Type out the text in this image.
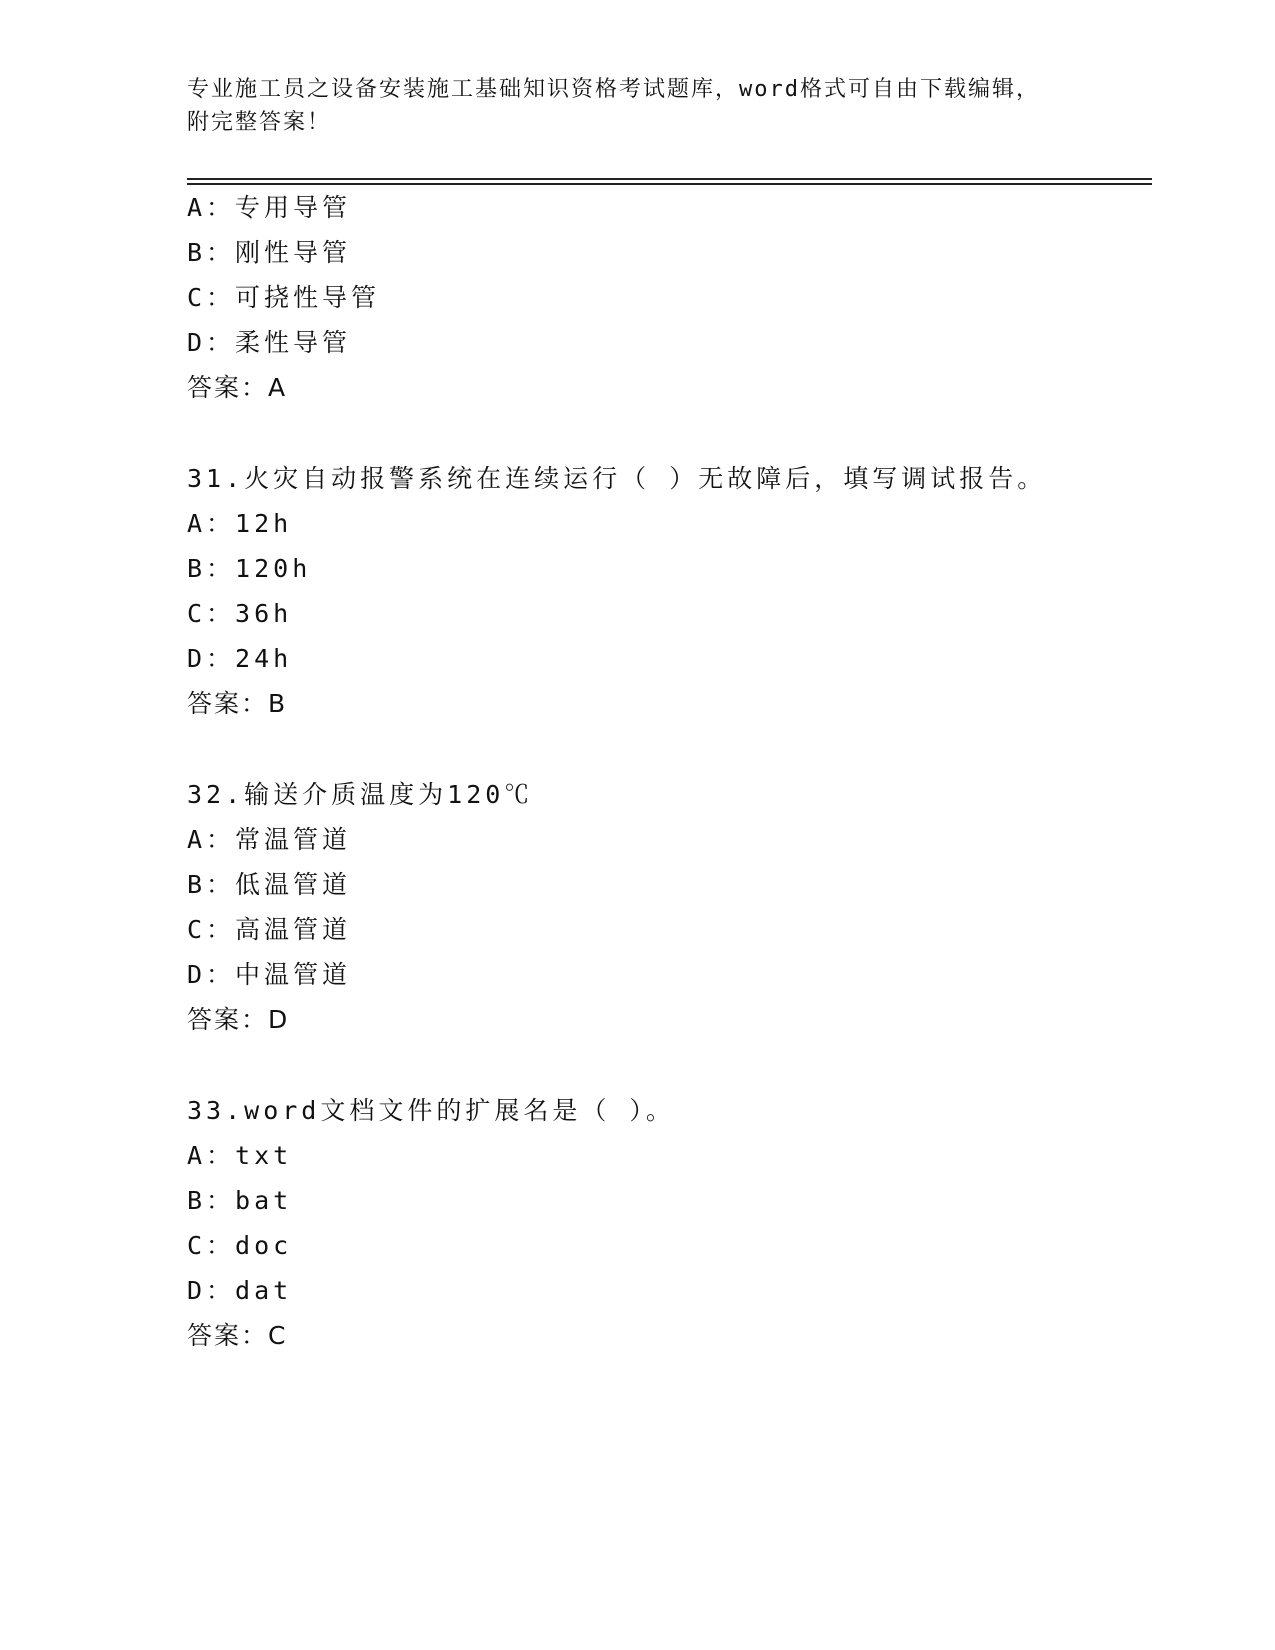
专业施工员之设备安装施工基础知识资格考试题库，word格式可自由下载编辑，
附完整答案！
A：专用导管
B：刚性导管
C：可挠性导管
D：柔性导管
答案：A
31.火灾自动报警系统在连续运行（ ）无故障后，填写调试报告。
A：12h
B：120h
C：36h
D：24h
答案：B
32.输送介质温度为120℃
A：常温管道
B：低温管道
C：高温管道
D：中温管道
答案：D
33.word文档文件的扩展名是（ ）。
A：txt
B：bat
C：doc
D：dat
答案：C
